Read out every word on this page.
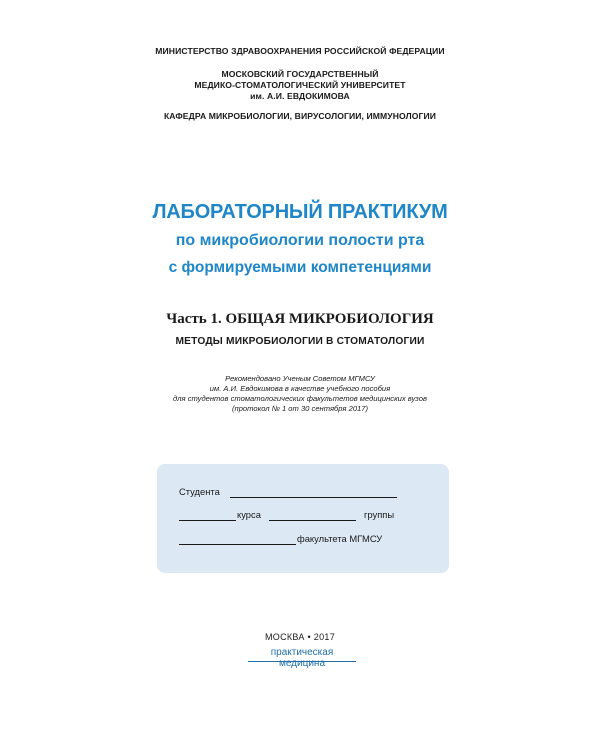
МИНИСТЕРСТВО ЗДРАВООХРАНЕНИЯ РОССИЙСКОЙ ФЕДЕРАЦИИ
МОСКОВСКИЙ ГОСУДАРСТВЕННЫЙ
МЕДИКО-СТОМАТОЛОГИЧЕСКИЙ УНИВЕРСИТЕТ
им. А.И. ЕВДОКИМОВА
КАФЕДРА МИКРОБИОЛОГИИ, ВИРУСОЛОГИИ, ИММУНОЛОГИИ
ЛАБОРАТОРНЫЙ ПРАКТИКУМ
по микробиологии полости рта
с формируемыми компетенциями
Часть 1. ОБЩАЯ МИКРОБИОЛОГИЯ
МЕТОДЫ МИКРОБИОЛОГИИ В СТОМАТОЛОГИИ
Рекомендовано Ученым Советом МГМСУ
им. А.И. Евдокимова в качестве учебного пособия
для студентов стоматологических факультетов медицинских вузов
(протокол № 1 от 30 сентября 2017)
Студента
курса	группы
факультета МГМСУ
МОСКВА • 2017
практическая медицина
